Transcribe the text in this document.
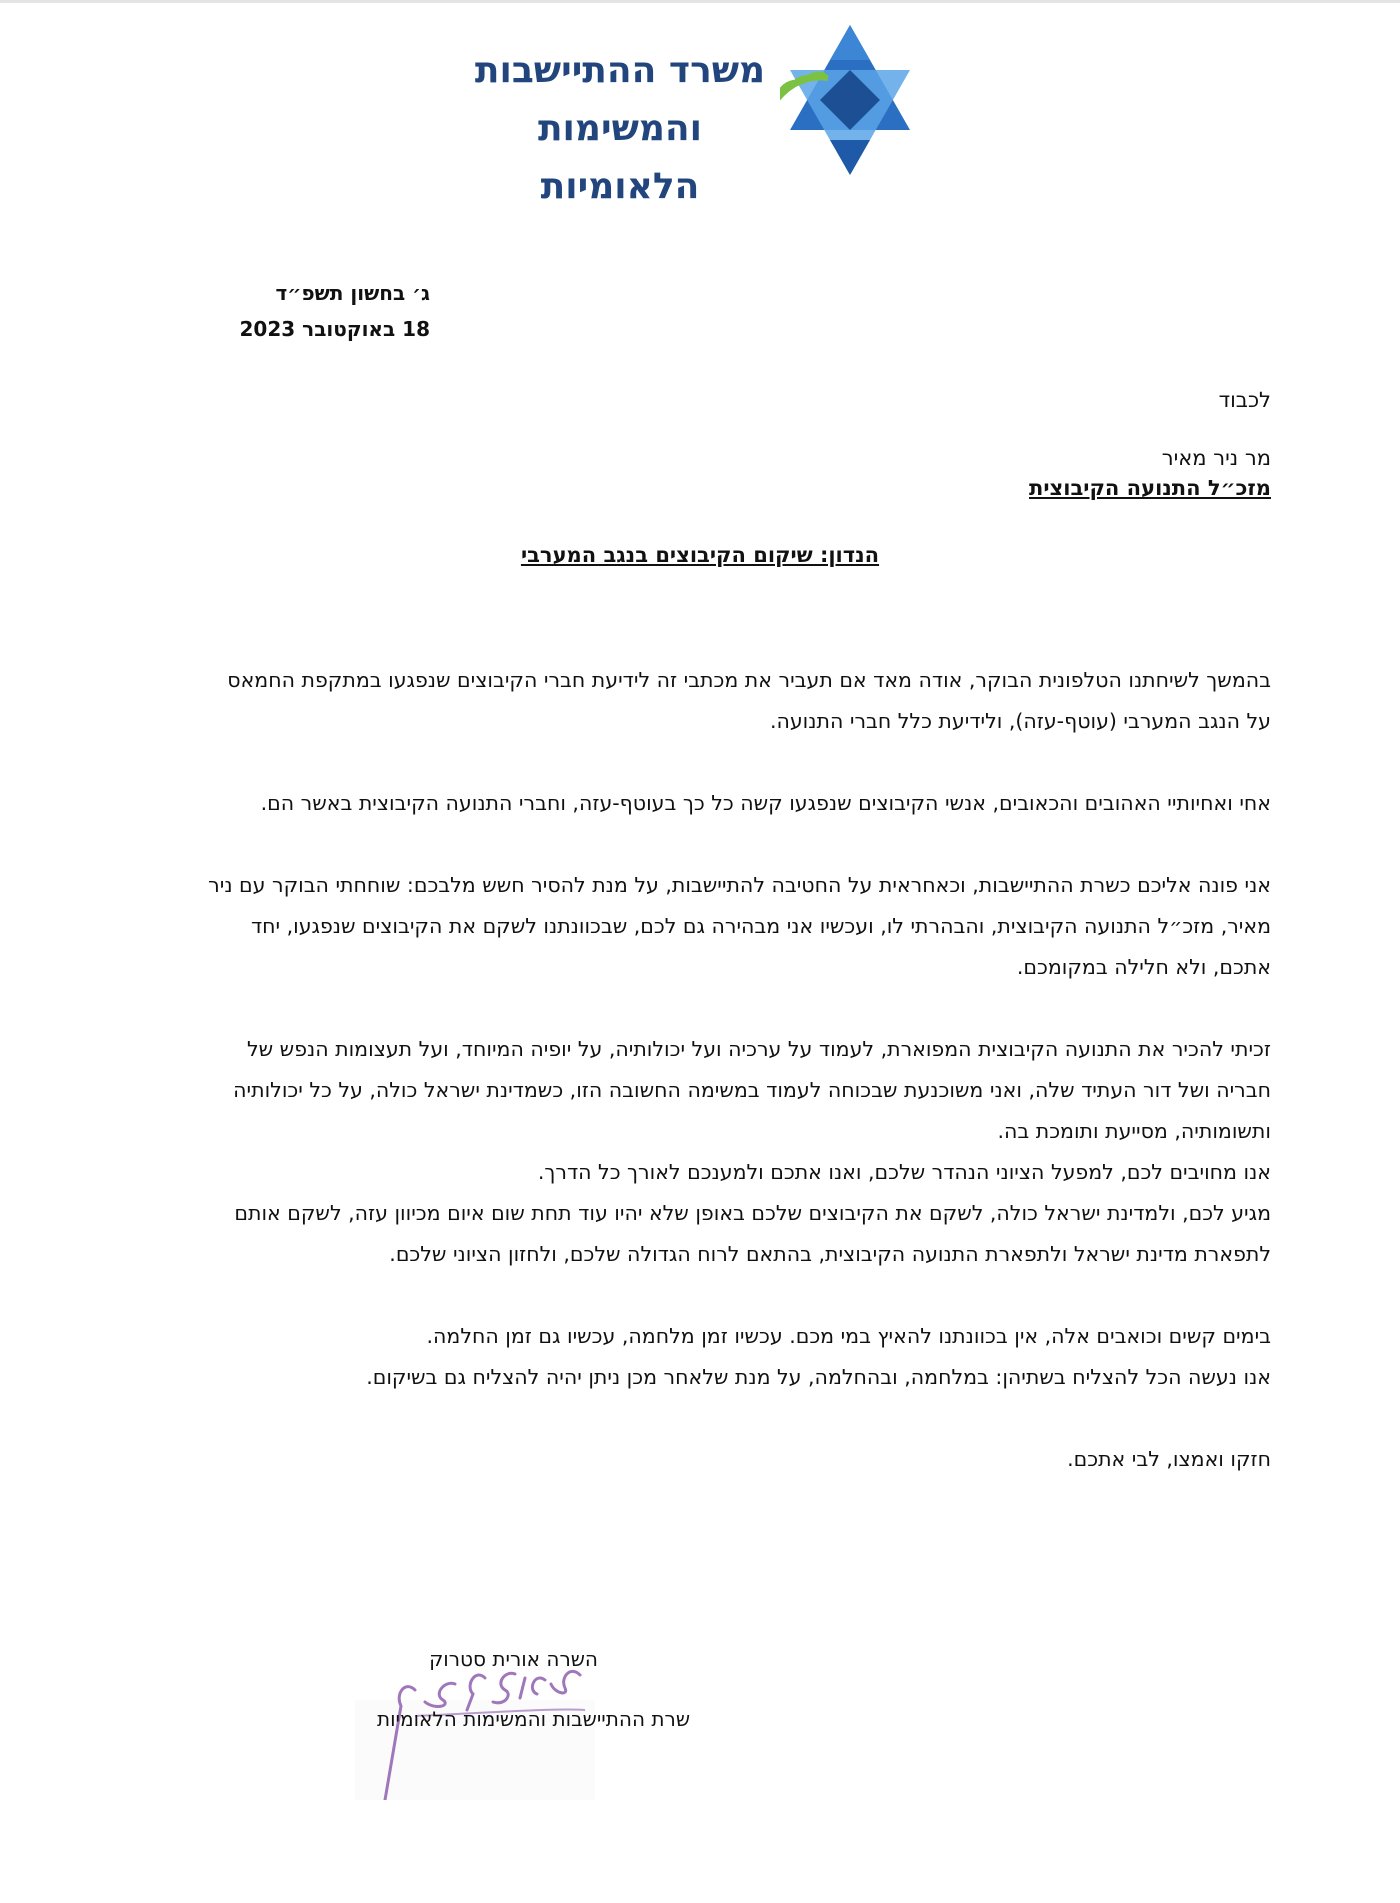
משרד ההתיישבות
והמשימות הלאומיות
ג׳ בחשון תשפ״ד
18 באוקטובר 2023
לכבוד
מר ניר מאיר
מזכ״ל התנועה הקיבוצית
הנדון: שיקום הקיבוצים בנגב המערבי

בהמשך לשיחתנו הטלפונית הבוקר, אודה מאד אם תעביר את מכתבי זה לידיעת חברי הקיבוצים שנפגעו במתקפת החמאס על הנגב המערבי (עוטף-עזה), ולידיעת כלל חברי התנועה.

אחי ואחיותיי האהובים והכאובים, אנשי הקיבוצים שנפגעו קשה כל כך בעוטף-עזה, וחברי התנועה הקיבוצית באשר הם.

אני פונה אליכם כשרת ההתיישבות, וכאחראית על החטיבה להתיישבות, על מנת להסיר חשש מלבכם: שוחחתי הבוקר עם ניר מאיר, מזכ״ל התנועה הקיבוצית, והבהרתי לו, ועכשיו אני מבהירה גם לכם, שבכוונתנו לשקם את הקיבוצים שנפגעו, יחד אתכם, ולא חלילה במקומכם.

זכיתי להכיר את התנועה הקיבוצית המפוארת, לעמוד על ערכיה ועל יכולותיה, על יופיה המיוחד, ועל תעצומות הנפש של חבריה ושל דור העתיד שלה, ואני משוכנעת שבכוחה לעמוד במשימה החשובה הזו, כשמדינת ישראל כולה, על כל יכולותיה ותשומותיה, מסייעת ותומכת בה.

אנו מחויבים לכם, למפעל הציוני הנהדר שלכם, ואנו אתכם ולמענכם לאורך כל הדרך.

מגיע לכם, ולמדינת ישראל כולה, לשקם את הקיבוצים שלכם באופן שלא יהיו עוד תחת שום איום מכיוון עזה, לשקם אותם לתפארת מדינת ישראל ולתפארת התנועה הקיבוצית, בהתאם לרוח הגדולה שלכם, ולחזון הציוני שלכם.

בימים קשים וכואבים אלה, אין בכוונתנו להאיץ במי מכם. עכשיו זמן מלחמה, עכשיו גם זמן החלמה.

אנו נעשה הכל להצליח בשתיהן: במלחמה, ובהחלמה, על מנת שלאחר מכן ניתן יהיה להצליח גם בשיקום.

חזקו ואמצו, לבי אתכם.

השרה אורית סטרוק
שרת ההתיישבות והמשימות הלאומיות
